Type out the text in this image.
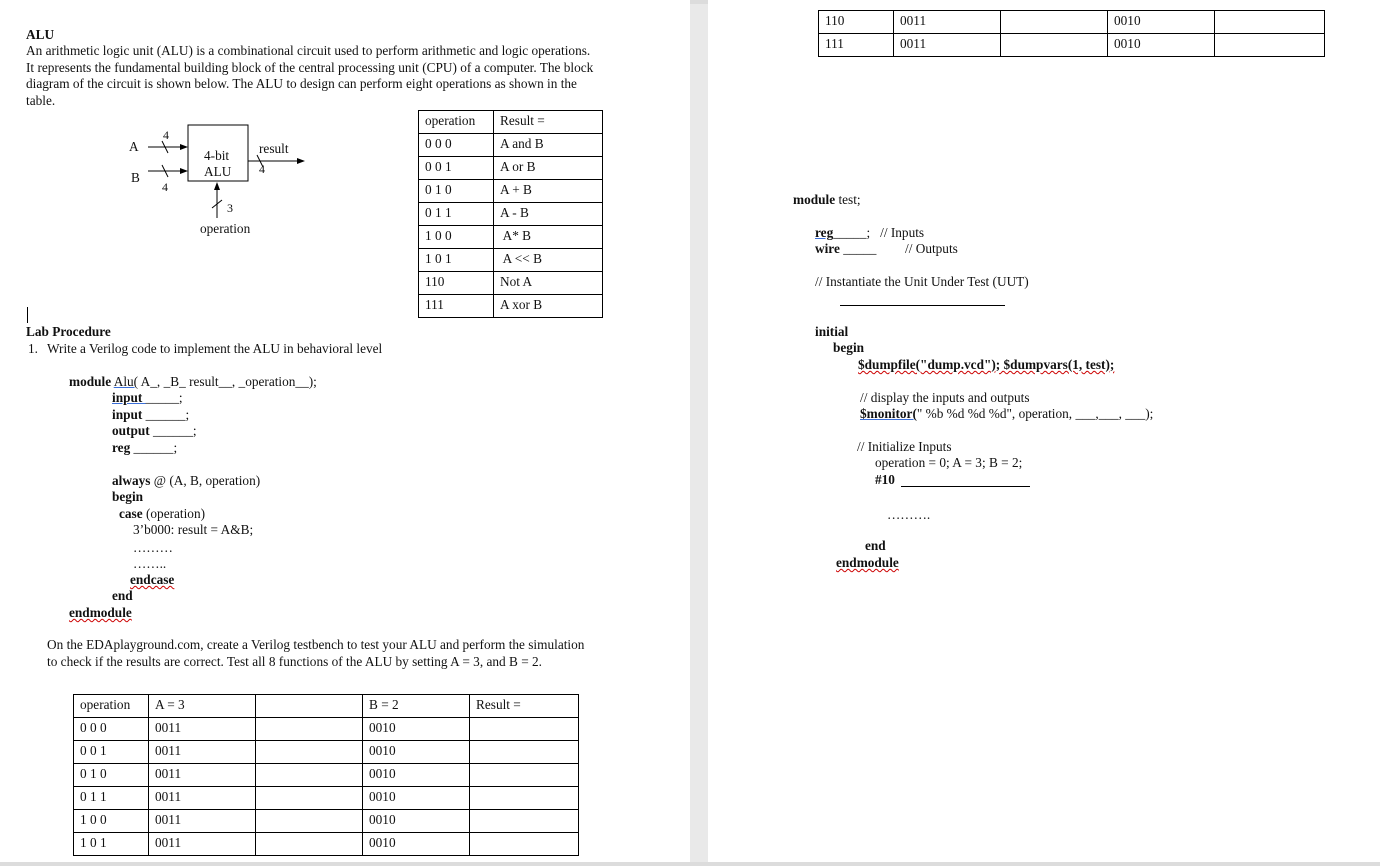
ALU
An arithmetic logic unit (ALU) is a combinational circuit used to perform arithmetic and logic operations.
It represents the fundamental building block of the central processing unit (CPU) of a computer. The block
diagram of the circuit is shown below. The ALU to design can perform eight operations as shown in the
table.
A
4
B
4
4-bit
ALU
result
4
3
operation
operation	Result =
0 0 0	A and B
0 0 1	A or B
0 1 0	A + B
0 1 1	A - B
1 0 0	A* B
1 0 1	A << B
110	Not A
111	A xor B
Lab Procedure
1. Write a Verilog code to implement the ALU in behavioral level
module Alu( A_, _B_ result__, _operation__);
input _____;
input ______;
output ______;
reg ______;
always @ (A, B, operation)
begin
case (operation)
3’b000: result = A&B;
………
……..
endcase
end
endmodule
On the EDAplayground.com, create a Verilog testbench to test your ALU and perform the simulation
to check if the results are correct. Test all 8 functions of the ALU by setting A = 3, and B = 2.
operation	A = 3		B = 2	Result =
0 0 0	0011		0010	
0 0 1	0011		0010	
0 1 0	0011		0010	
0 1 1	0011		0010	
1 0 0	0011		0010	
1 0 1	0011		0010	
110	0011		0010	
111	0011		0010	
module test;
reg_____;   // Inputs
wire _____ // Outputs
// Instantiate the Unit Under Test (UUT)
initial
begin
$dumpfile("dump.vcd"); $dumpvars(1, test);
// display the inputs and outputs
$monitor(" %b %d %d %d", operation, ___,___, ___);
// Initialize Inputs
operation = 0; A = 3; B = 2;
#10
……….
end
endmodule
